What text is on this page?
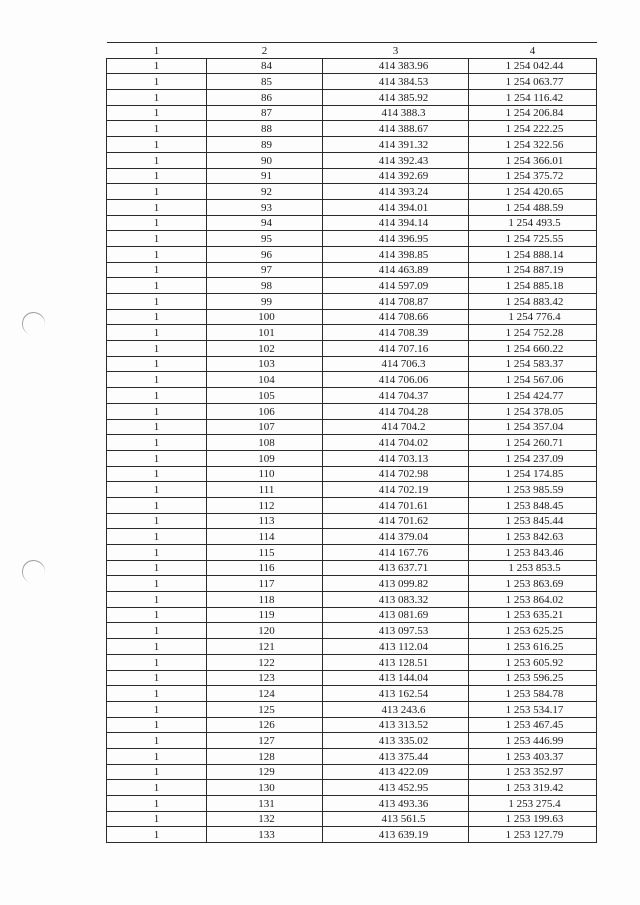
1	2	3	4
1	84	414 383.96	1 254 042.44
1	85	414 384.53	1 254 063.77
1	86	414 385.92	1 254 116.42
1	87	414 388.3	1 254 206.84
1	88	414 388.67	1 254 222.25
1	89	414 391.32	1 254 322.56
1	90	414 392.43	1 254 366.01
1	91	414 392.69	1 254 375.72
1	92	414 393.24	1 254 420.65
1	93	414 394.01	1 254 488.59
1	94	414 394.14	1 254 493.5
1	95	414 396.95	1 254 725.55
1	96	414 398.85	1 254 888.14
1	97	414 463.89	1 254 887.19
1	98	414 597.09	1 254 885.18
1	99	414 708.87	1 254 883.42
1	100	414 708.66	1 254 776.4
1	101	414 708.39	1 254 752.28
1	102	414 707.16	1 254 660.22
1	103	414 706.3	1 254 583.37
1	104	414 706.06	1 254 567.06
1	105	414 704.37	1 254 424.77
1	106	414 704.28	1 254 378.05
1	107	414 704.2	1 254 357.04
1	108	414 704.02	1 254 260.71
1	109	414 703.13	1 254 237.09
1	110	414 702.98	1 254 174.85
1	111	414 702.19	1 253 985.59
1	112	414 701.61	1 253 848.45
1	113	414 701.62	1 253 845.44
1	114	414 379.04	1 253 842.63
1	115	414 167.76	1 253 843.46
1	116	413 637.71	1 253 853.5
1	117	413 099.82	1 253 863.69
1	118	413 083.32	1 253 864.02
1	119	413 081.69	1 253 635.21
1	120	413 097.53	1 253 625.25
1	121	413 112.04	1 253 616.25
1	122	413 128.51	1 253 605.92
1	123	413 144.04	1 253 596.25
1	124	413 162.54	1 253 584.78
1	125	413 243.6	1 253 534.17
1	126	413 313.52	1 253 467.45
1	127	413 335.02	1 253 446.99
1	128	413 375.44	1 253 403.37
1	129	413 422.09	1 253 352.97
1	130	413 452.95	1 253 319.42
1	131	413 493.36	1 253 275.4
1	132	413 561.5	1 253 199.63
1	133	413 639.19	1 253 127.79
